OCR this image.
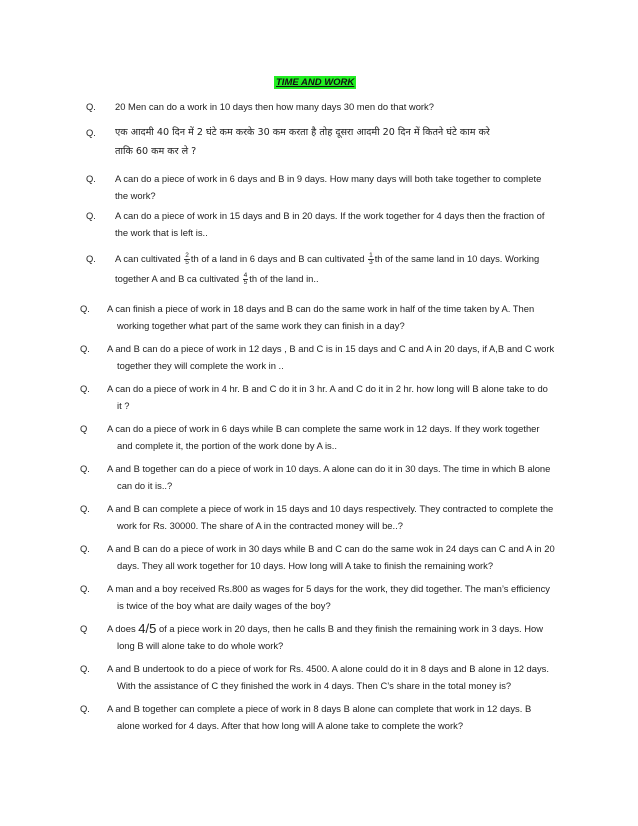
TIME AND WORK
Q. 20 Men can do a work in 10 days then how many days 30 men do that work?
Q. एक आदमी 40 दिन में 2 घंटे कम करके 30 कम करता है तोह दूसरा आदमी 20 दिन में कितने घंटे काम करे
ताकि 60 कम कर ले ?
Q. A can do a piece of work in 6 days and B in 9 days. How many days will both take together to complete
the work?
Q. A can do a piece of work in 15 days and B in 20 days. If the work together for 4 days then the fraction of
the work that is left is..
Q. A can cultivated $\frac{2}{5}$ th of a land in 6 days and B can cultivated $\frac{1}{3}$ th of the same land in 10 days. Working
together A and B ca cultivated $\frac{4}{5}$ th of the land in..
Q. A can finish a piece of work in 18 days and B can do the same work in half of the time taken by A. Then
working together what part of the same work they can finish in a day?
Q. A and B can do a piece of work in 12 days , B and C is in 15 days and C and A in 20 days, if A,B and C work
together they will complete the work in ..
Q. A can do a piece of work in 4 hr. B and C do it in 3 hr. A and C do it in 2 hr. how long will B alone take to do
it ?
Q A can do a piece of work in 6 days while B can complete the same work in 12 days. If they work together
and complete it, the portion of the work done by A is..
Q. A and B together can do a piece of work in 10 days. A alone can do it in 30 days. The time in which B alone
can do it is..?
Q. A and B can complete a piece of work in 15 days and 10 days respectively. They contracted to complete the
work for Rs. 30000. The share of A in the contracted money will be..?
Q. A and B can do a piece of work in 30 days while B and C can do the same wok in 24 days can C and A in 20
days. They all work together for 10 days. How long will A take to finish the remaining work?
Q. A man and a boy received Rs.800 as wages for 5 days for the work, they did together. The man’s efficiency
is twice of the boy what are daily wages of the boy?
Q A does 4/5 of a piece work in 20 days, then he calls B and they finish the remaining work in 3 days. How
long B will alone take to do whole work?
Q. A and B undertook to do a piece of work for Rs. 4500. A alone could do it in 8 days and B alone in 12 days.
With the assistance of C they finished the work in 4 days. Then C’s share in the total money is?
Q. A and B together can complete a piece of work in 8 days B alone can complete that work in 12 days. B
alone worked for 4 days. After that how long will A alone take to complete the work?
